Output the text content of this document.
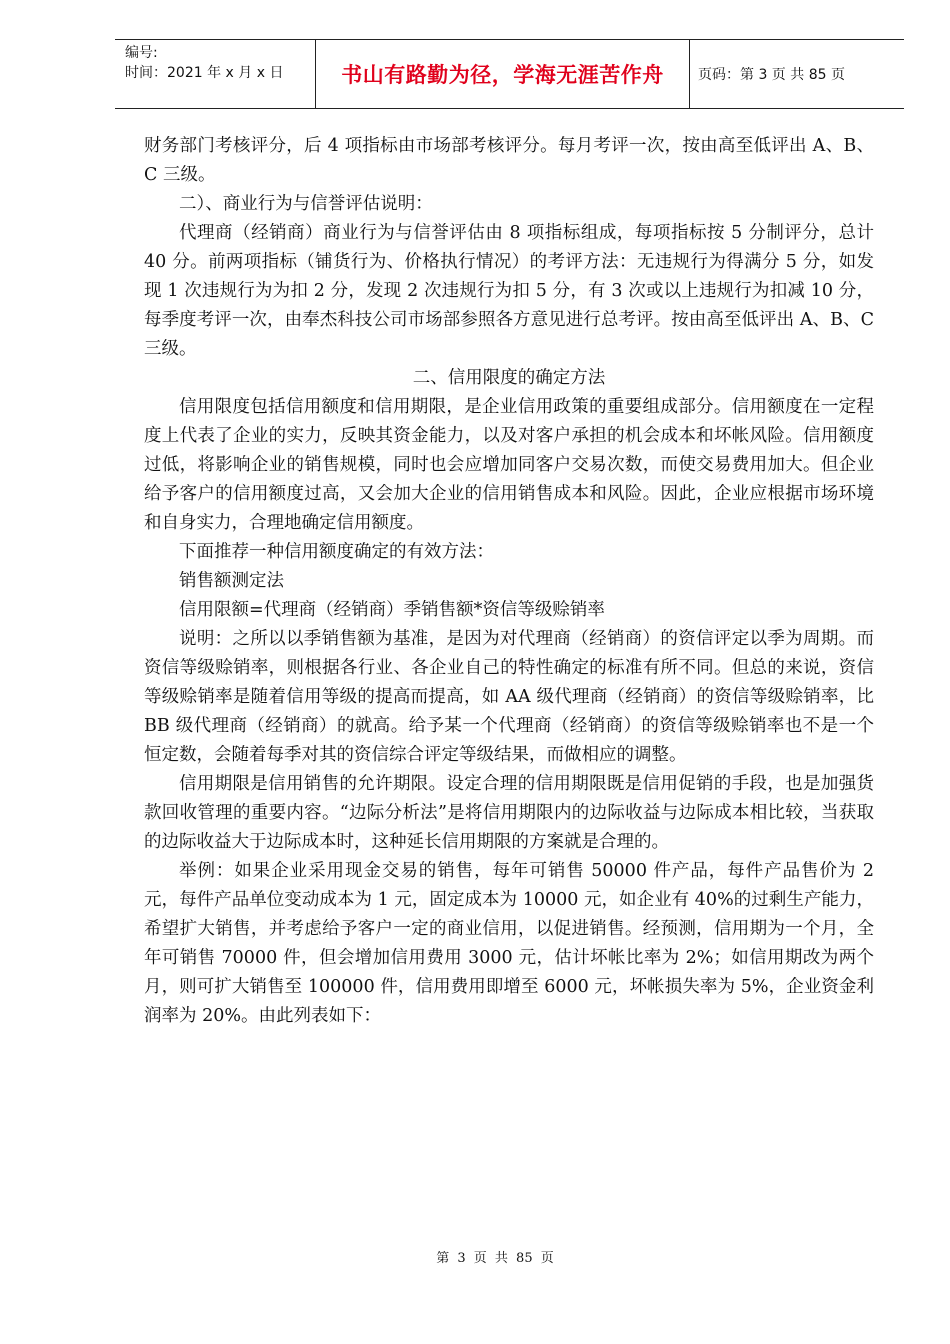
编号:
时间：2021 年 x 月 x 日	书山有路勤为径，学海无涯苦作舟	页码：第 3 页 共 85 页

财务部门考核评分，后 4 项指标由市场部考核评分。每月考评一次，按由高至低评出 A、B、C 三级。

二）、商业行为与信誉评估说明：

代理商（经销商）商业行为与信誉评估由 8 项指标组成，每项指标按 5 分制评分，总计 40 分。前两项指标（铺货行为、价格执行情况）的考评方法：无违规行为得满分 5 分，如发现 1 次违规行为为扣 2 分，发现 2 次违规行为扣 5 分，有 3 次或以上违规行为扣减 10 分，每季度考评一次，由奉杰科技公司市场部参照各方意见进行总考评。按由高至低评出 A、B、C 三级。

二、信用限度的确定方法

信用限度包括信用额度和信用期限，是企业信用政策的重要组成部分。信用额度在一定程度上代表了企业的实力，反映其资金能力，以及对客户承担的机会成本和坏帐风险。信用额度过低，将影响企业的销售规模，同时也会应增加同客户交易次数，而使交易费用加大。但企业给予客户的信用额度过高，又会加大企业的信用销售成本和风险。因此，企业应根据市场环境和自身实力，合理地确定信用额度。

下面推荐一种信用额度确定的有效方法：

销售额测定法

信用限额=代理商（经销商）季销售额*资信等级赊销率

说明：之所以以季销售额为基准，是因为对代理商（经销商）的资信评定以季为周期。而资信等级赊销率，则根据各行业、各企业自己的特性确定的标准有所不同。但总的来说，资信等级赊销率是随着信用等级的提高而提高，如 AA 级代理商（经销商）的资信等级赊销率，比 BB 级代理商（经销商）的就高。给予某一个代理商（经销商）的资信等级赊销率也不是一个恒定数，会随着每季对其的资信综合评定等级结果，而做相应的调整。

信用期限是信用销售的允许期限。设定合理的信用期限既是信用促销的手段，也是加强货款回收管理的重要内容。“边际分析法”是将信用期限内的边际收益与边际成本相比较，当获取的边际收益大于边际成本时，这种延长信用期限的方案就是合理的。

举例：如果企业采用现金交易的销售，每年可销售 50000 件产品，每件产品售价为 2 元，每件产品单位变动成本为 1 元，固定成本为 10000 元，如企业有 40%的过剩生产能力，希望扩大销售，并考虑给予客户一定的商业信用，以促进销售。经预测，信用期为一个月，全年可销售 70000 件，但会增加信用费用 3000 元，估计坏帐比率为 2%；如信用期改为两个月，则可扩大销售至 100000 件，信用费用即增至 6000 元，坏帐损失率为 5%，企业资金利润率为 20%。由此列表如下：

第 3 页 共 85 页
